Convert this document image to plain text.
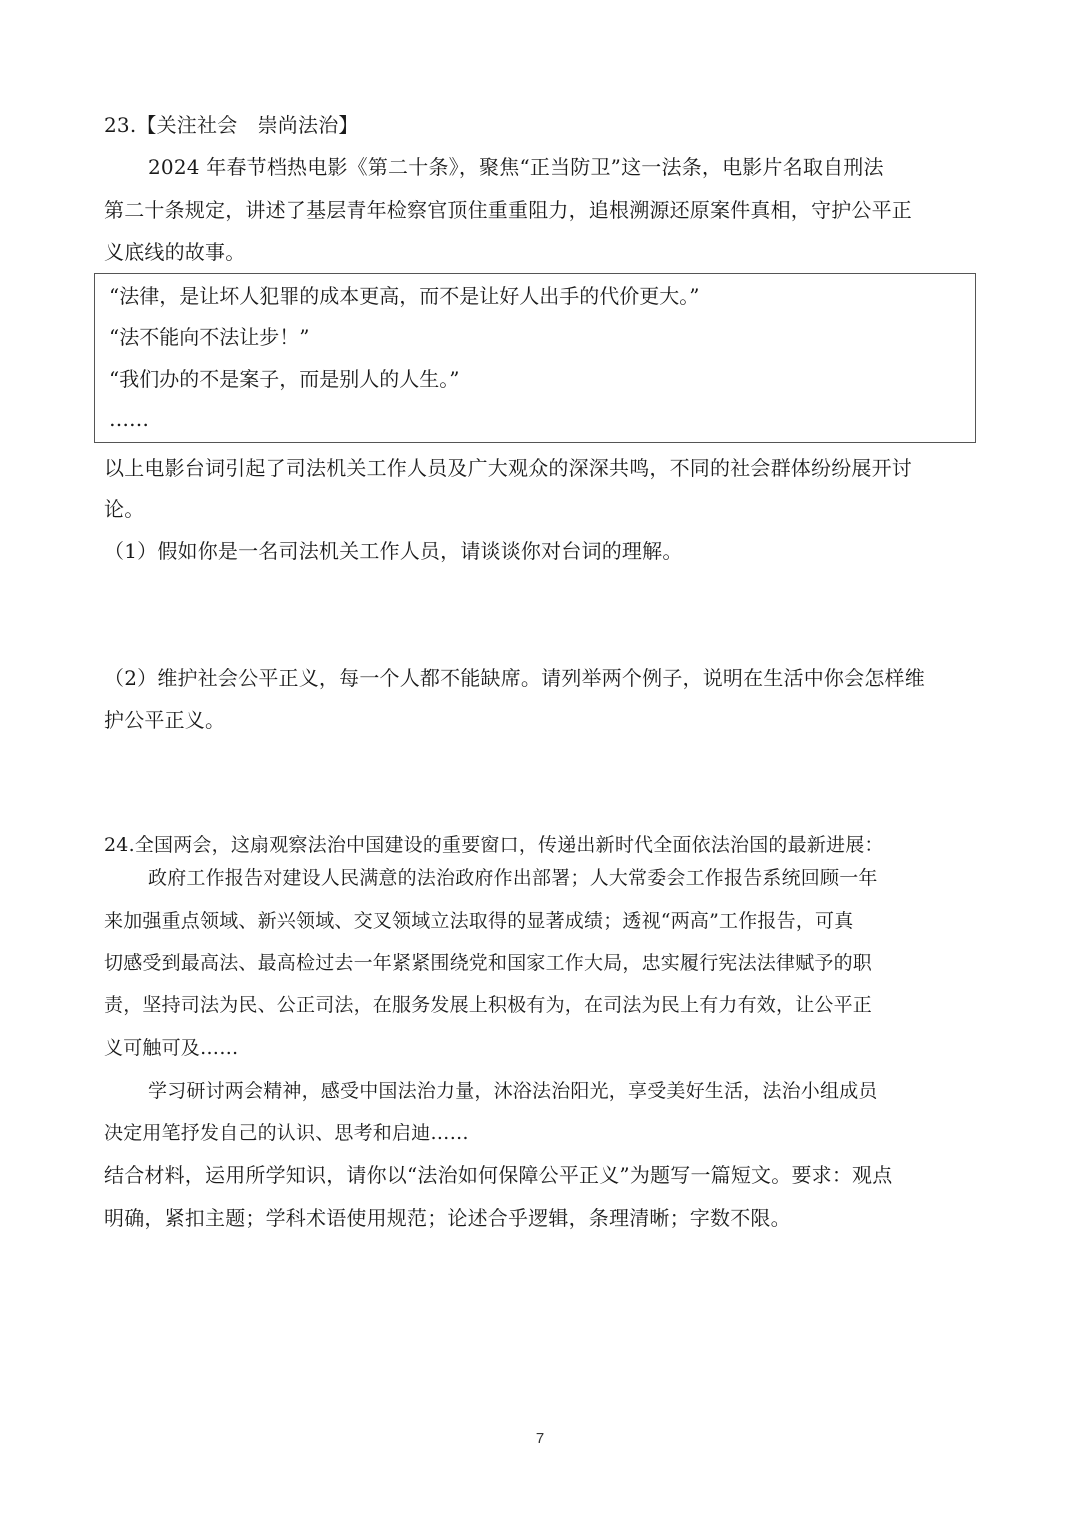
23.【关注社会　崇尚法治】
2024 年春节档热电影《第二十条》，聚焦“正当防卫”这一法条，电影片名取自刑法
第二十条规定，讲述了基层青年检察官顶住重重阻力，追根溯源还原案件真相，守护公平正
义底线的故事。
“法律，是让坏人犯罪的成本更高，而不是让好人出手的代价更大。”
“法不能向不法让步！”
“我们办的不是案子，而是别人的人生。”
……
以上电影台词引起了司法机关工作人员及广大观众的深深共鸣，不同的社会群体纷纷展开讨
论。
（1）假如你是一名司法机关工作人员，请谈谈你对台词的理解。
（2）维护社会公平正义，每一个人都不能缺席。请列举两个例子，说明在生活中你会怎样维
护公平正义。
24.全国两会，这扇观察法治中国建设的重要窗口，传递出新时代全面依法治国的最新进展：
政府工作报告对建设人民满意的法治政府作出部署；人大常委会工作报告系统回顾一年
来加强重点领域、新兴领域、交叉领域立法取得的显著成绩；透视“两高”工作报告，可真
切感受到最高法、最高检过去一年紧紧围绕党和国家工作大局，忠实履行宪法法律赋予的职
责，坚持司法为民、公正司法，在服务发展上积极有为，在司法为民上有力有效，让公平正
义可触可及……
学习研讨两会精神，感受中国法治力量，沐浴法治阳光，享受美好生活，法治小组成员
决定用笔抒发自己的认识、思考和启迪……
结合材料，运用所学知识，请你以“法治如何保障公平正义”为题写一篇短文。要求：观点
明确，紧扣主题；学科术语使用规范；论述合乎逻辑，条理清晰；字数不限。
7
